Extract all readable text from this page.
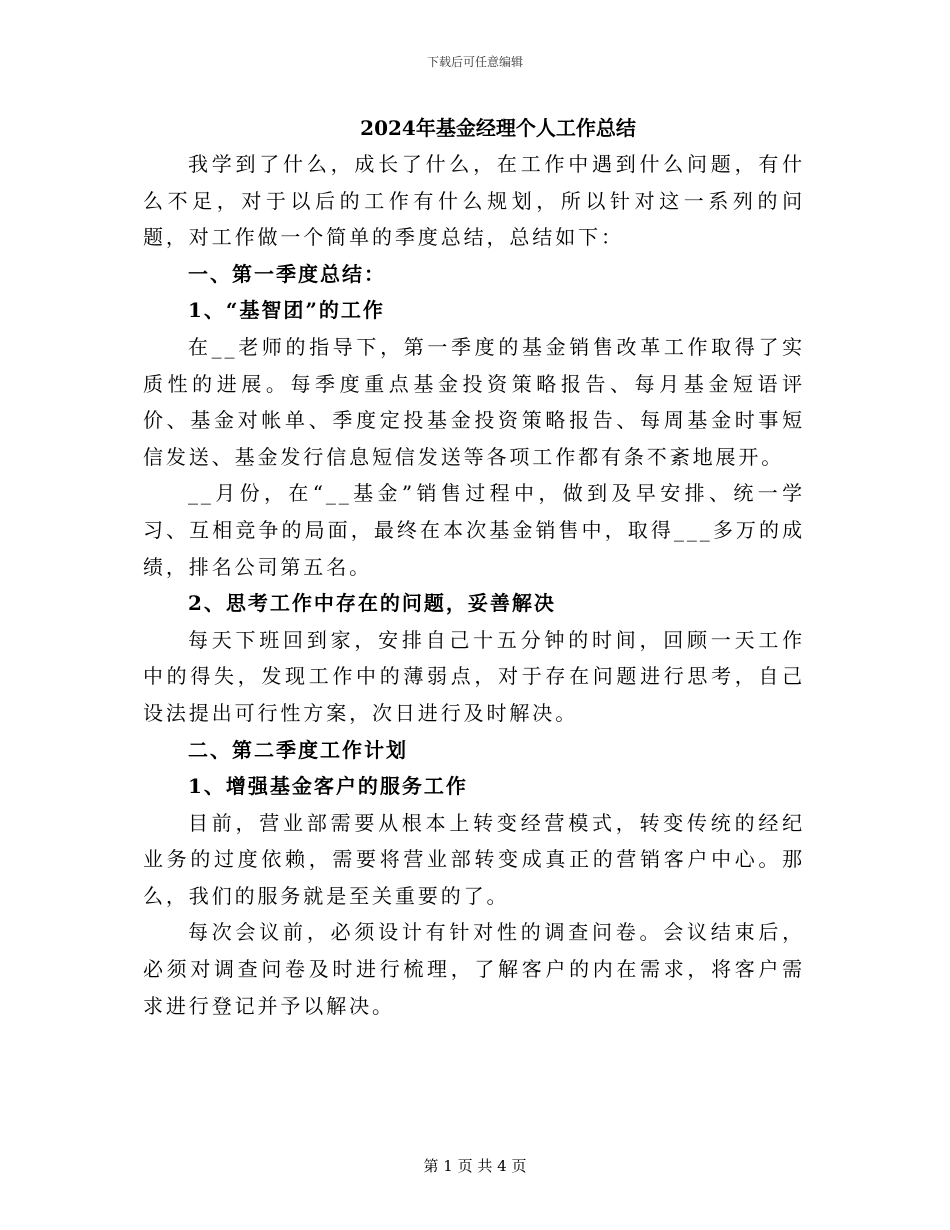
下载后可任意编辑
2024年基金经理个人工作总结

我学到了什么，成长了什么，在工作中遇到什么问题，有什么不足，对于以后的工作有什么规划，所以针对这一系列的问题，对工作做一个简单的季度总结，总结如下：

一、第一季度总结：

1、“基智团”的工作

在__老师的指导下，第一季度的基金销售改革工作取得了实质性的进展。每季度重点基金投资策略报告、每月基金短语评价、基金对帐单、季度定投基金投资策略报告、每周基金时事短信发送、基金发行信息短信发送等各项工作都有条不紊地展开。

__月份，在“__基金”销售过程中，做到及早安排、统一学习、互相竞争的局面，最终在本次基金销售中，取得___多万的成绩，排名公司第五名。

2、思考工作中存在的问题，妥善解决

每天下班回到家，安排自己十五分钟的时间，回顾一天工作中的得失，发现工作中的薄弱点，对于存在问题进行思考，自己设法提出可行性方案，次日进行及时解决。

二、第二季度工作计划

1、增强基金客户的服务工作

目前，营业部需要从根本上转变经营模式，转变传统的经纪业务的过度依赖，需要将营业部转变成真正的营销客户中心。那么，我们的服务就是至关重要的了。

每次会议前，必须设计有针对性的调查问卷。会议结束后，必须对调查问卷及时进行梳理，了解客户的内在需求，将客户需求进行登记并予以解决。

第 1 页 共 4 页
